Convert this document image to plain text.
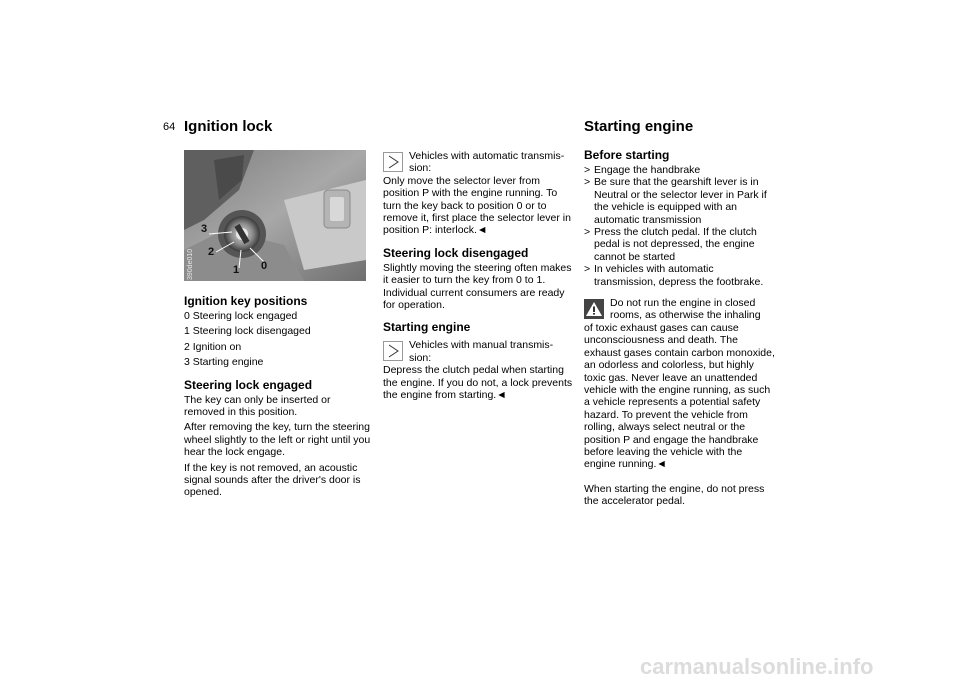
64 Ignition lock	Starting engine
3
2
1 0
390de010
Ignition key positions

0 Steering lock engaged

1 Steering lock disengaged

2 Ignition on

3 Starting engine

Steering lock engaged

The key can only be inserted or removed in this position.

After removing the key, turn the steering wheel slightly to the left or right until you hear the lock engage.

If the key is not removed, an acoustic signal sounds after the driver's door is opened.

Vehicles with automatic transmis-

sion:

Only move the selector lever from position P with the engine running. To turn the key back to position 0 or to remove it, first place the selector lever in position P: interlock.◄

Steering lock disengaged

Slightly moving the steering often makes it easier to turn the key from 0 to 1. Individual current consumers are ready for operation.

Starting engine

Vehicles with manual transmis-

sion:

Depress the clutch pedal when starting the engine. If you do not, a lock prevents the engine from starting.◄

Before starting
> Engage the handbrake
> Be sure that the gearshift lever is in Neutral or the selector lever in Park if the vehicle is equipped with an automatic transmission
> Press the clutch pedal. If the clutch pedal is not depressed, the engine cannot be started
> In vehicles with automatic transmission, depress the footbrake.

Do not run the engine in closed

rooms, as otherwise the inhaling

of toxic exhaust gases can cause unconsciousness and death. The exhaust gases contain carbon monoxide, an odorless and colorless, but highly toxic gas. Never leave an unattended vehicle with the engine running, as such a vehicle represents a potential safety hazard. To prevent the vehicle from rolling, always select neutral or the position P and engage the handbrake before leaving the vehicle with the engine running.◄

When starting the engine, do not press the accelerator pedal.

carmanualsonline.info
